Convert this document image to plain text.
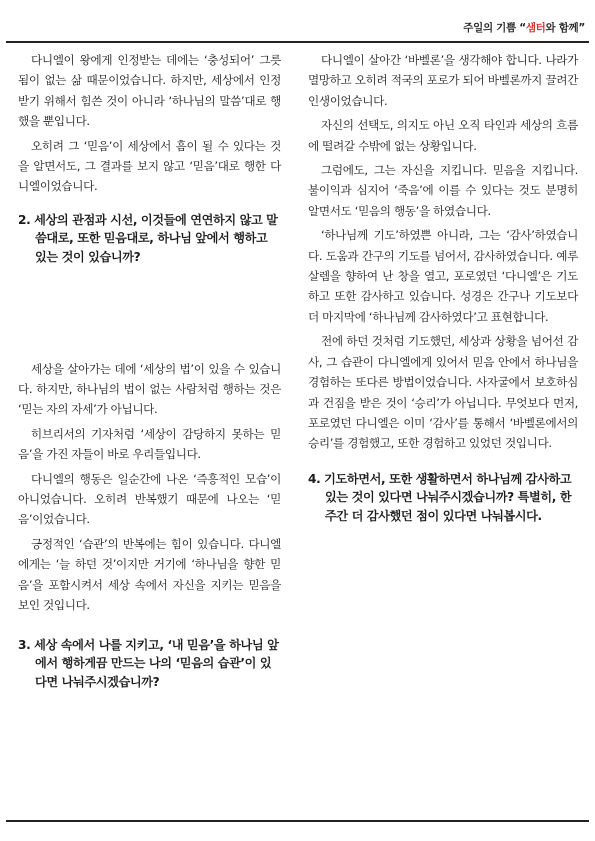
주일의 기쁨 “샘터와 함께”

다니엘이 왕에게 인정받는 데에는 ‘충성되어’ 그릇됨이 없는 삶 때문이었습니다. 하지만, 세상에서 인정받기 위해서 힘쓴 것이 아니라 ‘하나님의 말씀’대로 행했을 뿐입니다.

오히려 그 ‘믿음’이 세상에서 흠이 될 수 있다는 것을 알면서도, 그 결과를 보지 않고 ‘믿음’대로 행한 다니엘이었습니다.

2. 세상의 관점과 시선, 이것들에 연연하지 않고 말씀대로, 또한 믿음대로, 하나님 앞에서 행하고 있는 것이 있습니까?

세상을 살아가는 데에 ‘세상의 법’이 있을 수 있습니다. 하지만, 하나님의 법이 없는 사람처럼 행하는 것은 ‘믿는 자의 자세’가 아닙니다.

히브리서의 기자처럼 ‘세상이 감당하지 못하는 믿음’을 가진 자들이 바로 우리들입니다.

다니엘의 행동은 일순간에 나온 ‘즉흥적인 모습’이 아니었습니다. 오히려 반복했기 때문에 나오는 ‘믿음’이었습니다.

긍정적인 ‘습관’의 반복에는 힘이 있습니다. 다니엘에게는 ‘늘 하던 것’이지만 거기에 ‘하나님을 향한 믿음’을 포함시켜서 세상 속에서 자신을 지키는 믿음을 보인 것입니다.

3. 세상 속에서 나를 지키고, ‘내 믿음’을 하나님 앞에서 행하게끔 만드는 나의 ‘믿음의 습관’이 있다면 나눠주시겠습니까?

다니엘이 살아간 ‘바벨론’을 생각해야 합니다. 나라가 멸망하고 오히려 적국의 포로가 되어 바벨론까지 끌려간 인생이었습니다.

자신의 선택도, 의지도 아닌 오직 타인과 세상의 흐름에 떨려갈 수밖에 없는 상황입니다.

그럼에도, 그는 자신을 지킵니다. 믿음을 지킵니다. 불이익과 심지어 ‘죽음’에 이를 수 있다는 것도 분명히 알면서도 ‘믿음의 행동’을 하였습니다.

‘하나님께 기도’하였쁜 아니라, 그는 ‘감사’하였습니다. 도움과 간구의 기도를 넘어서, 감사하였습니다. 예루살렘을 향하여 난 창을 열고, 포로였던 ‘다니엘’은 기도하고 또한 감사하고 있습니다. 성경은 간구나 기도보다 더 마지막에 ‘하나님께 감사하였다’고 표현합니다.

전에 하던 것처럼 기도했던, 세상과 상황을 넘어선 감사, 그 습관이 다니엘에게 있어서 믿음 안에서 하나님을 경험하는 또다른 방법이었습니다. 사자굴에서 보호하심과 건짐을 받은 것이 ‘승리’가 아닙니다. 무엇보다 먼저, 포로였던 다니엘은 이미 ‘감사’를 통해서 ‘바벨론에서의 승리’를 경험했고, 또한 경험하고 있었던 것입니다.

4. 기도하면서, 또한 생활하면서 하나님께 감사하고 있는 것이 있다면 나눠주시겠습니까? 특별히, 한 주간 더 감사했던 점이 있다면 나눠봅시다.
